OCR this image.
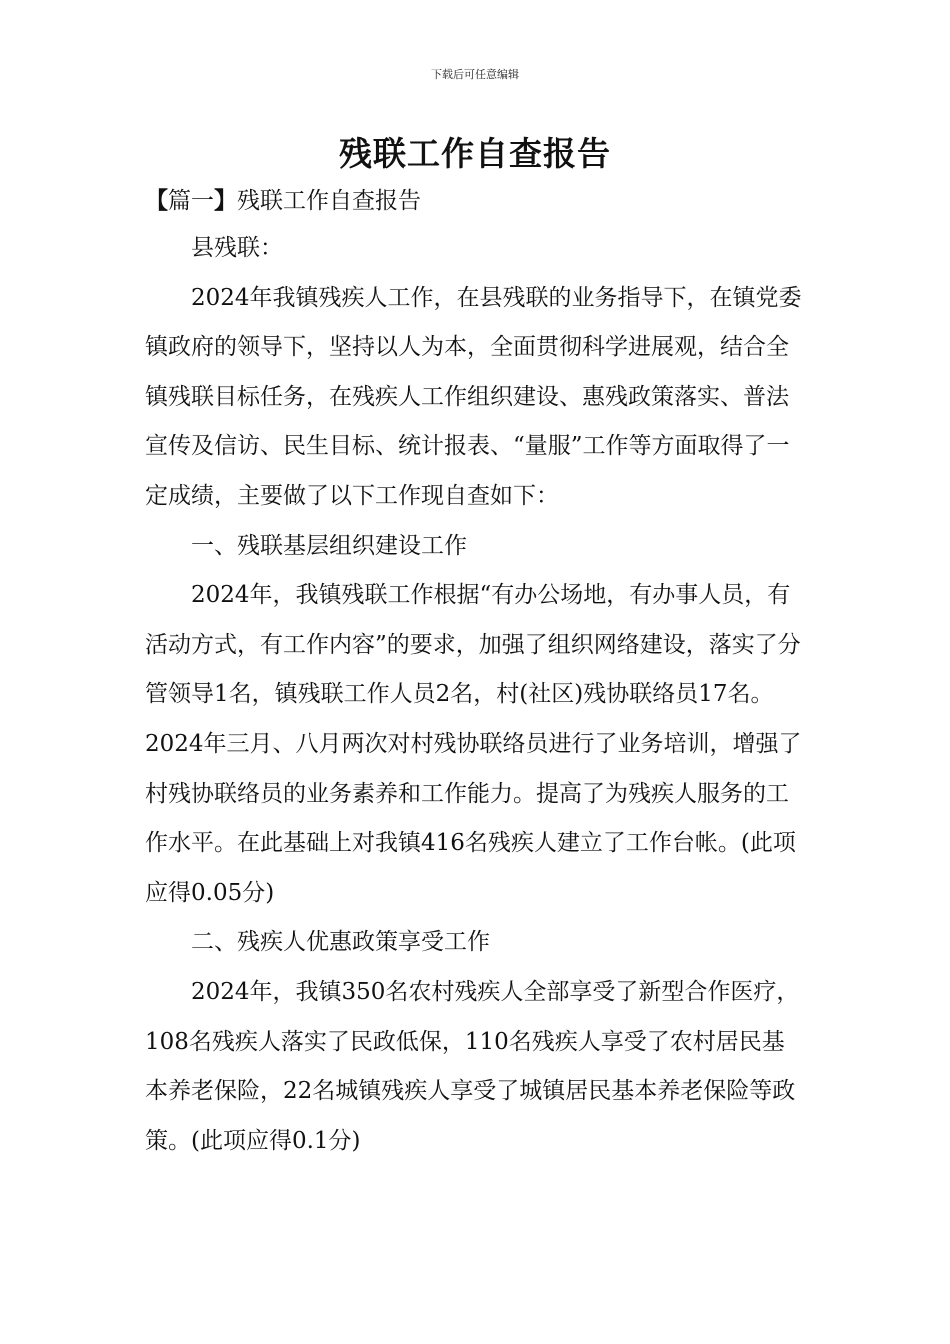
下载后可任意编辑
残联工作自查报告
【篇一】残联工作自查报告

县残联：

2024年我镇残疾人工作，在县残联的业务指导下，在镇党委镇政府的领导下，坚持以人为本，全面贯彻科学进展观，结合全镇残联目标任务，在残疾人工作组织建设、惠残政策落实、普法宣传及信访、民生目标、统计报表、“量服”工作等方面取得了一定成绩，主要做了以下工作现自查如下：

一、残联基层组织建设工作

2024年，我镇残联工作根据“有办公场地，有办事人员，有活动方式，有工作内容”的要求，加强了组织网络建设，落实了分管领导1名，镇残联工作人员2名，村(社区)残协联络员17名。2024年三月、八月两次对村残协联络员进行了业务培训，增强了村残协联络员的业务素养和工作能力。提高了为残疾人服务的工作水平。在此基础上对我镇416名残疾人建立了工作台帐。(此项应得0.05分)

二、残疾人优惠政策享受工作

2024年，我镇350名农村残疾人全部享受了新型合作医疗，108名残疾人落实了民政低保，110名残疾人享受了农村居民基本养老保险，22名城镇残疾人享受了城镇居民基本养老保险等政策。(此项应得0.1分)
